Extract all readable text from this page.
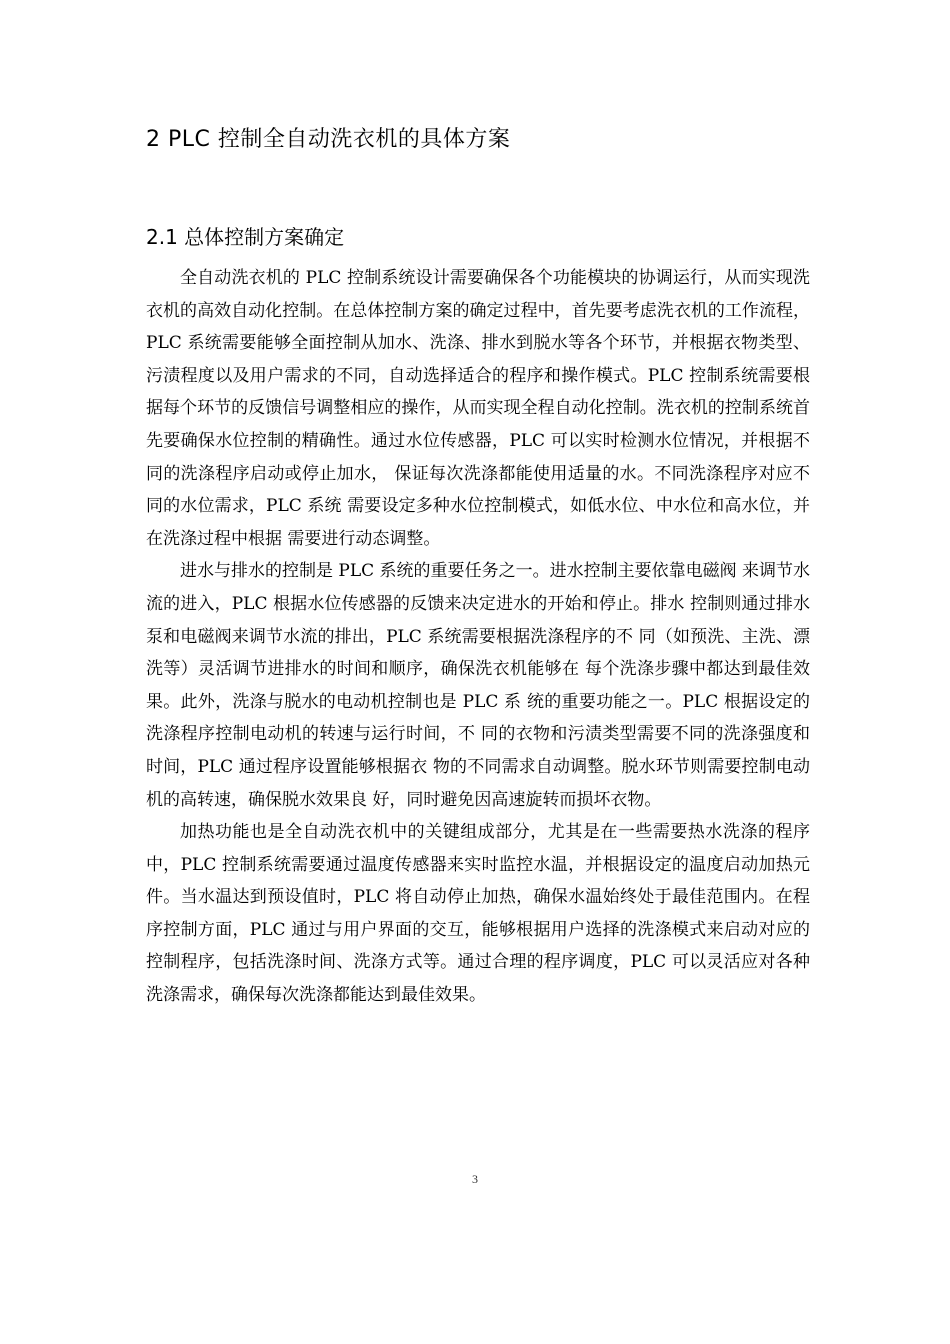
2 PLC 控制全自动洗衣机的具体方案
2.1 总体控制方案确定

全自动洗衣机的 PLC 控制系统设计需要确保各个功能模块的协调运行，从而实现洗衣机的高效自动化控制。在总体控制方案的确定过程中，首先要考虑洗衣机的工作流程，PLC 系统需要能够全面控制从加水、洗涤、排水到脱水等各个环节，并根据衣物类型、污渍程度以及用户需求的不同，自动选择适合的程序和操作模式。PLC 控制系统需要根据每个环节的反馈信号调整相应的操作，从而实现全程自动化控制。洗衣机的控制系统首先要确保水位控制的精确性。通过水位传感器，PLC 可以实时检测水位情况，并根据不同的洗涤程序启动或停止加水， 保证每次洗涤都能使用适量的水。不同洗涤程序对应不同的水位需求，PLC 系统 需要设定多种水位控制模式，如低水位、中水位和高水位，并在洗涤过程中根据 需要进行动态调整。

进水与排水的控制是 PLC 系统的重要任务之一。进水控制主要依靠电磁阀 来调节水流的进入，PLC 根据水位传感器的反馈来决定进水的开始和停止。排水 控制则通过排水泵和电磁阀来调节水流的排出，PLC 系统需要根据洗涤程序的不 同（如预洗、主洗、漂洗等）灵活调节进排水的时间和顺序，确保洗衣机能够在 每个洗涤步骤中都达到最佳效果。此外，洗涤与脱水的电动机控制也是 PLC 系 统的重要功能之一。PLC 根据设定的洗涤程序控制电动机的转速与运行时间，不 同的衣物和污渍类型需要不同的洗涤强度和时间，PLC 通过程序设置能够根据衣 物的不同需求自动调整。脱水环节则需要控制电动机的高转速，确保脱水效果良 好，同时避免因高速旋转而损坏衣物。

加热功能也是全自动洗衣机中的关键组成部分，尤其是在一些需要热水洗涤的程序中，PLC 控制系统需要通过温度传感器来实时监控水温，并根据设定的温度启动加热元件。当水温达到预设值时，PLC 将自动停止加热，确保水温始终处于最佳范围内。在程序控制方面，PLC 通过与用户界面的交互，能够根据用户选择的洗涤模式来启动对应的控制程序，包括洗涤时间、洗涤方式等。通过合理的程序调度，PLC 可以灵活应对各种洗涤需求，确保每次洗涤都能达到最佳效果。

3
